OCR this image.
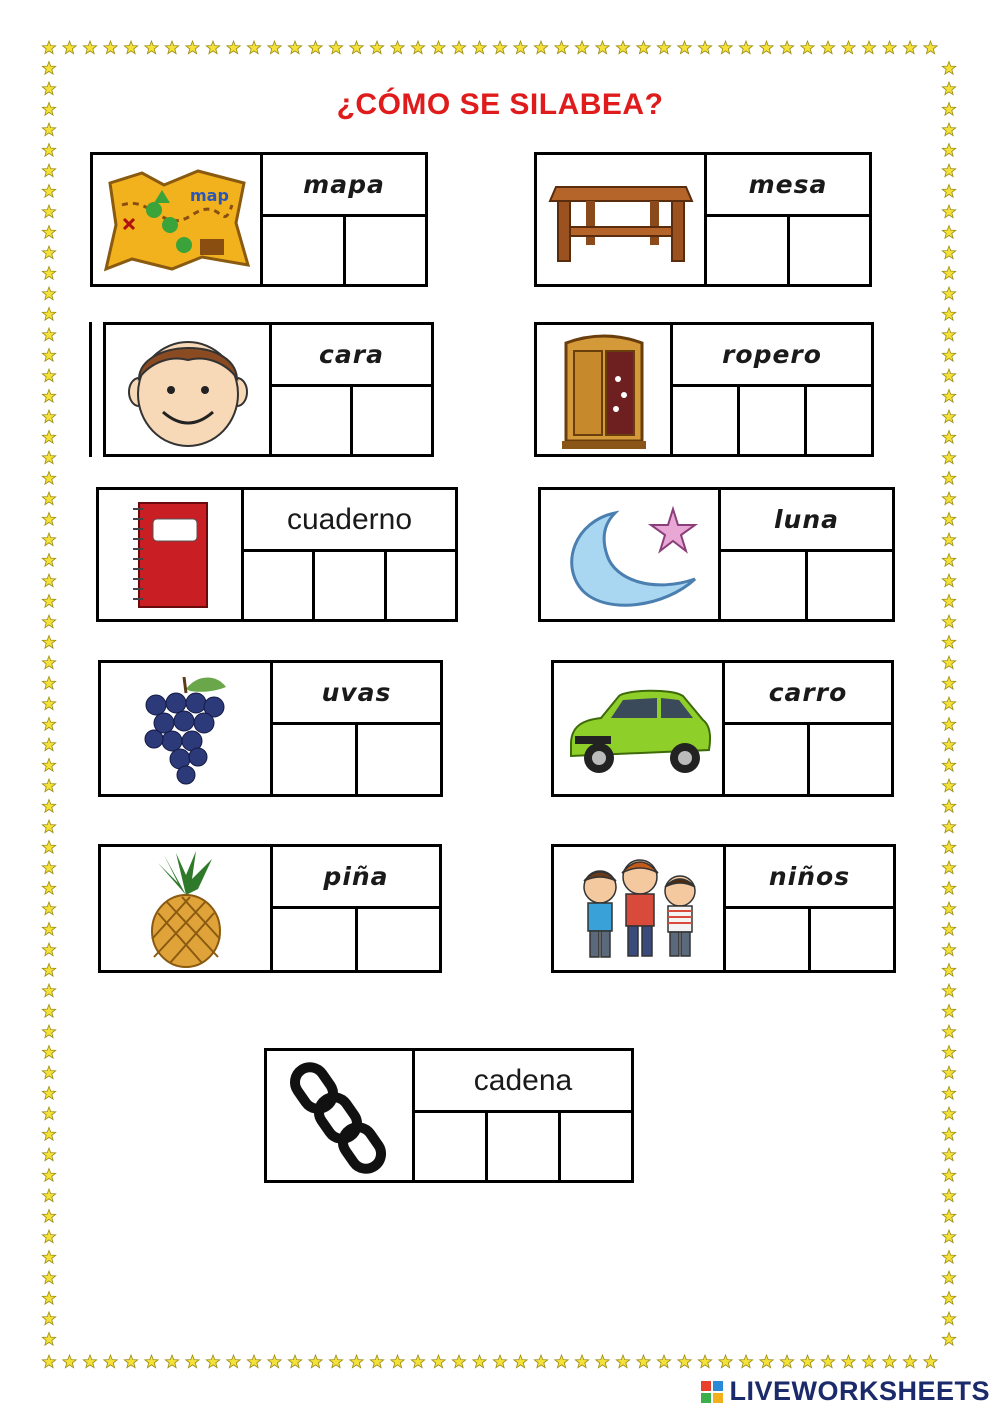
¿CÓMO SE SILABEA?
map	mapa	mesa
cara	ropero
cuaderno	luna
uvas	carro
piña	niños
cadena
LIVEWORKSHEETS
